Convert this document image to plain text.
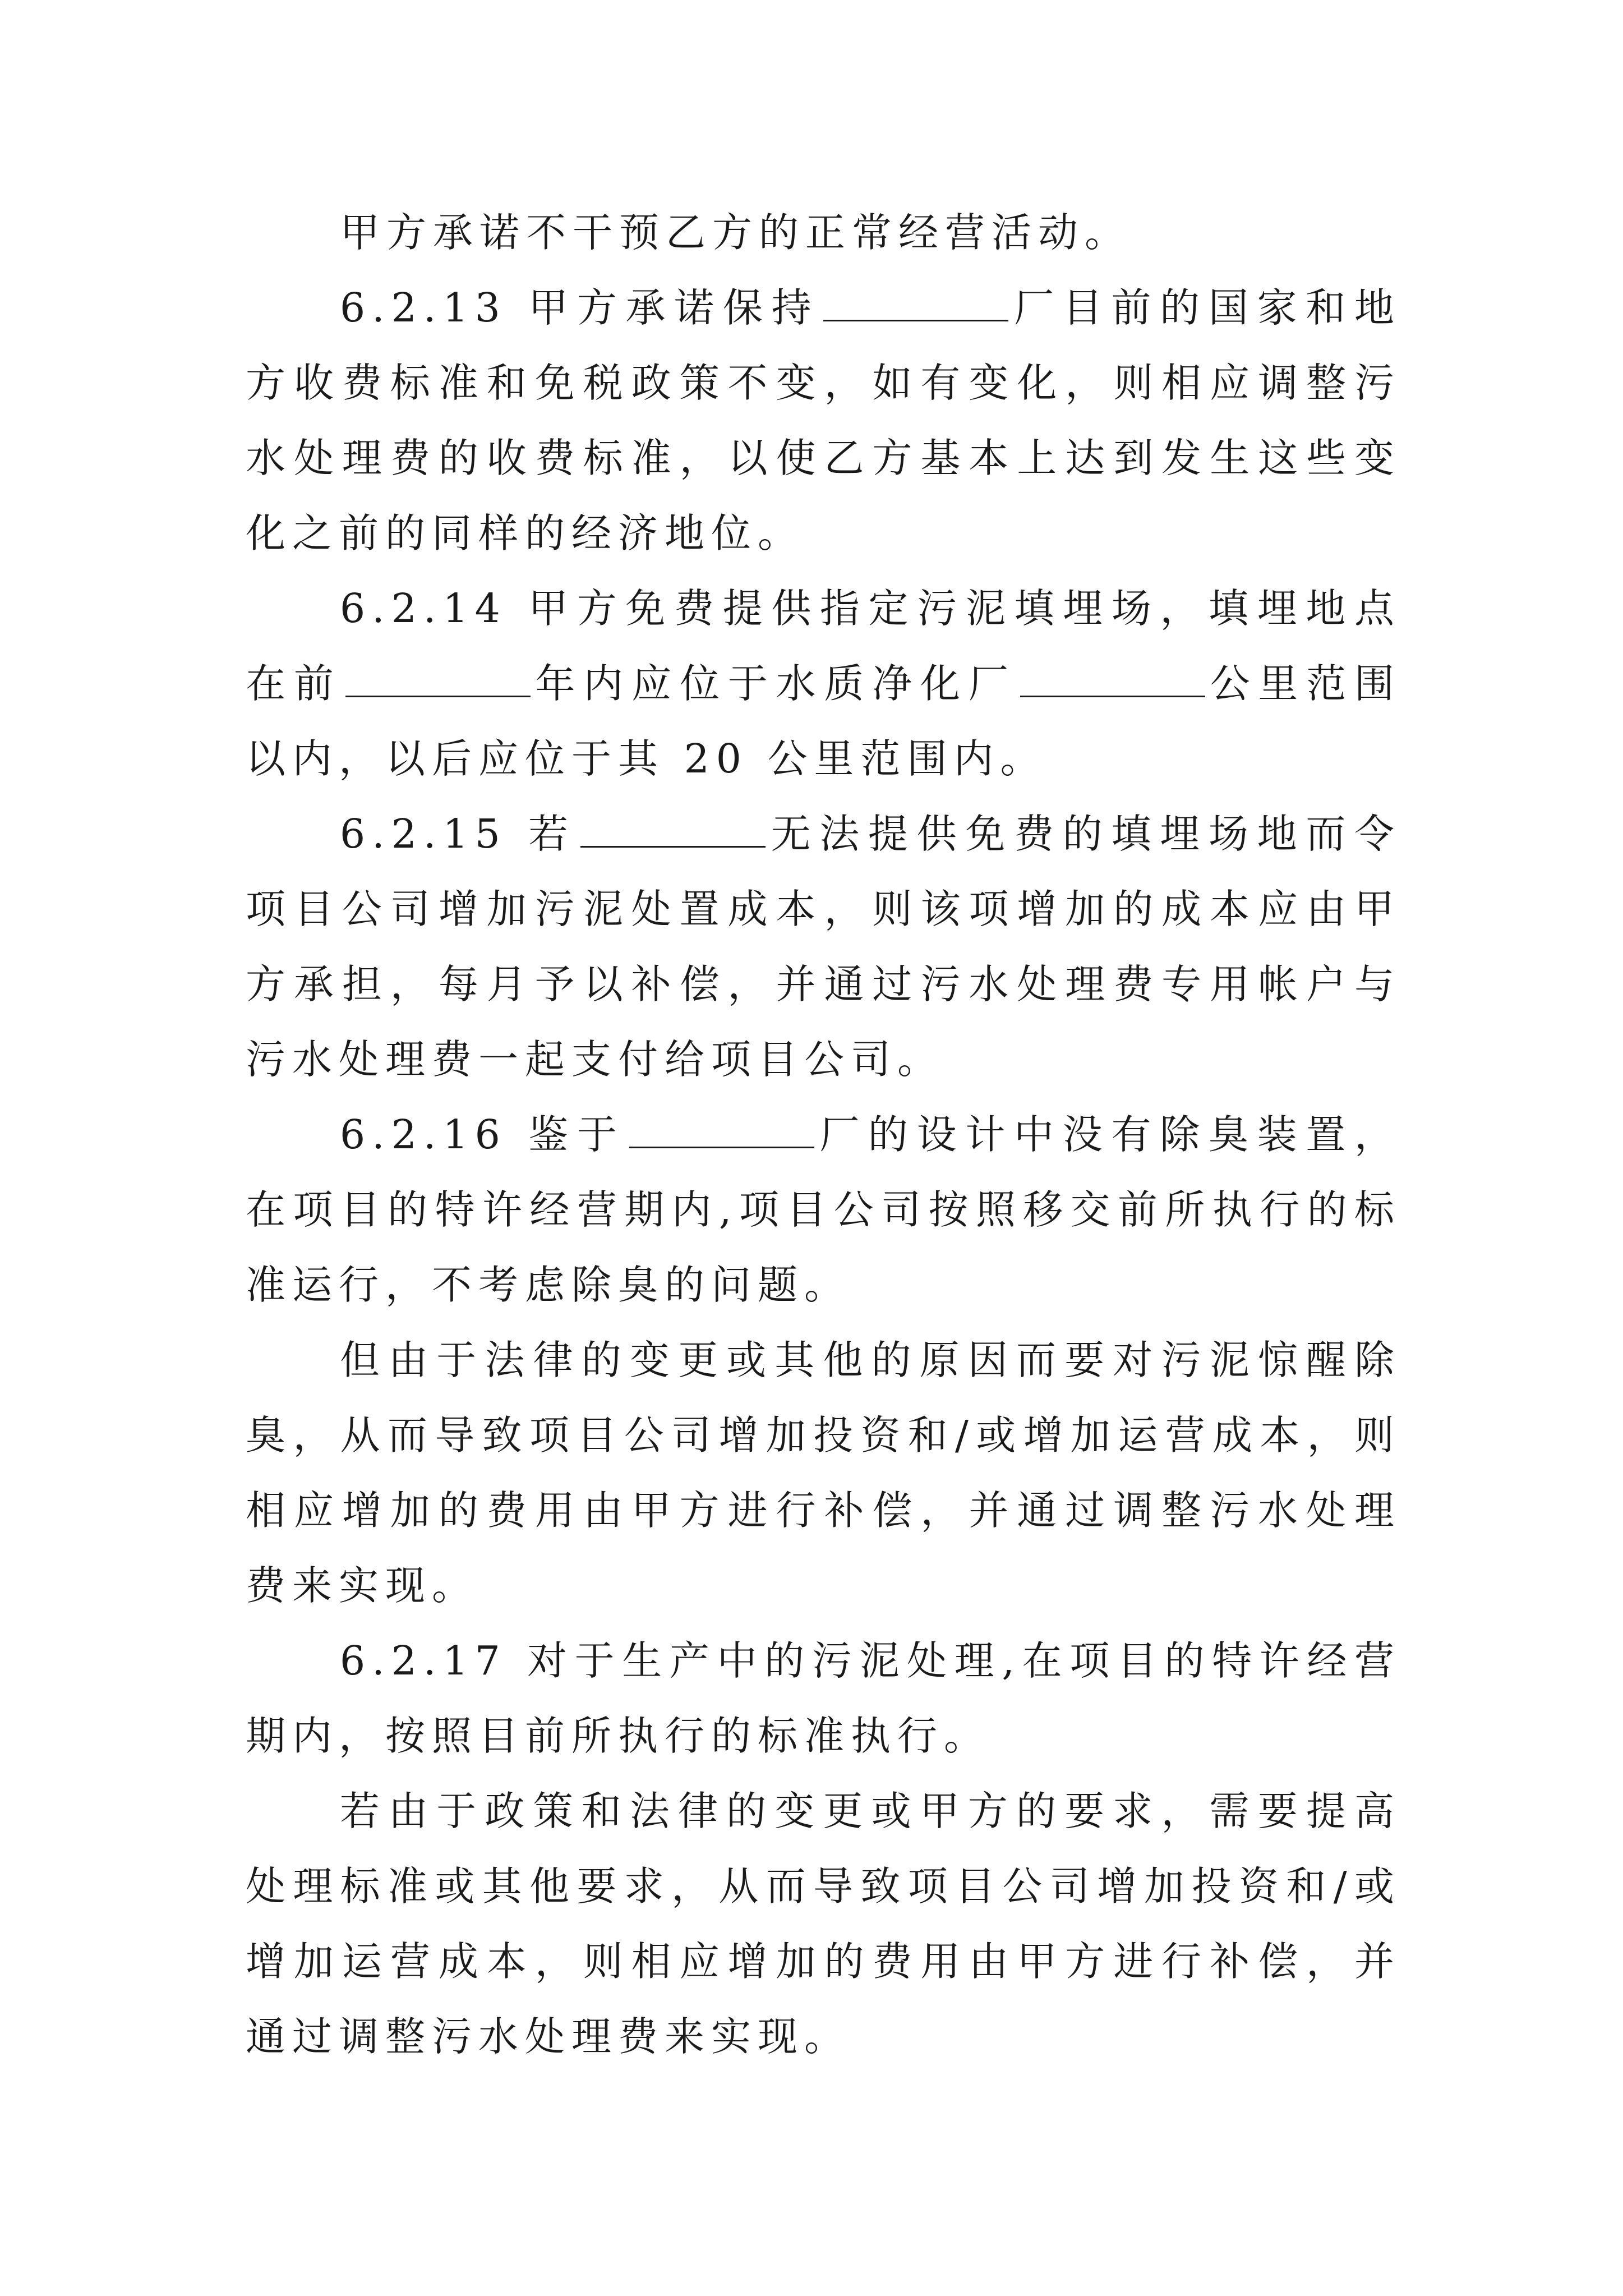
甲方承诺不干预乙方的正常经营活动。

6.2.13 甲方承诺保持	厂目前的国家和地方收费标准和免税政策不变，如有变化，则相应调整污水处理费的收费标准，以使乙方基本上达到发生这些变化之前的同样的经济地位。

6.2.14 甲方免费提供指定污泥填埋场，填埋地点在前	年内应位于水质净化厂	公里范围以内，以后应位于其 20 公里范围内。

6.2.15 若	无法提供免费的填埋场地而令项目公司增加污泥处置成本，则该项增加的成本应由甲方承担，每月予以补偿，并通过污水处理费专用帐户与污水处理费一起支付给项目公司。

6.2.16 鉴于	厂的设计中没有除臭装置，在项目的特许经营期内,项目公司按照移交前所执行的标准运行，不考虑除臭的问题。

但由于法律的变更或其他的原因而要对污泥惊醒除臭，从而导致项目公司增加投资和/或增加运营成本，则相应增加的费用由甲方进行补偿，并通过调整污水处理费来实现。

6.2.17 对于生产中的污泥处理,在项目的特许经营期内，按照目前所执行的标准执行。

若由于政策和法律的变更或甲方的要求，需要提高处理标准或其他要求，从而导致项目公司增加投资和/或增加运营成本，则相应增加的费用由甲方进行补偿，并通过调整污水处理费来实现。
